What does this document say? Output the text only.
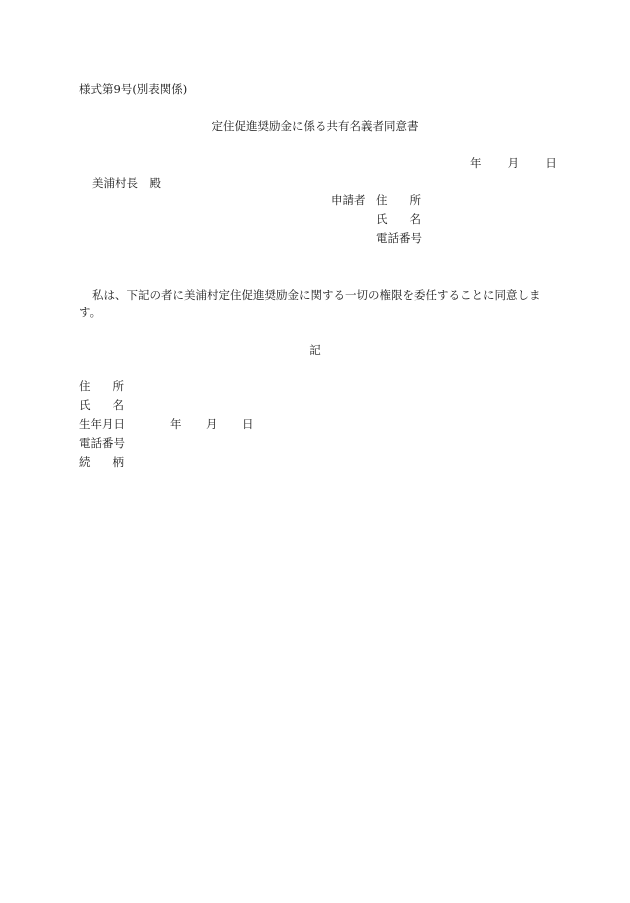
様式第9号(別表関係)
定住促進奨励金に係る共有名義者同意書
年 月 日
美浦村長　殿
申請者 住 所
氏 名
電話番号
私は、下記の者に美浦村定住促進奨励金に関する一切の権限を委任することに同意します。
記
住 所
氏 名
生年月日	年	月	日
電話番号
続 柄
